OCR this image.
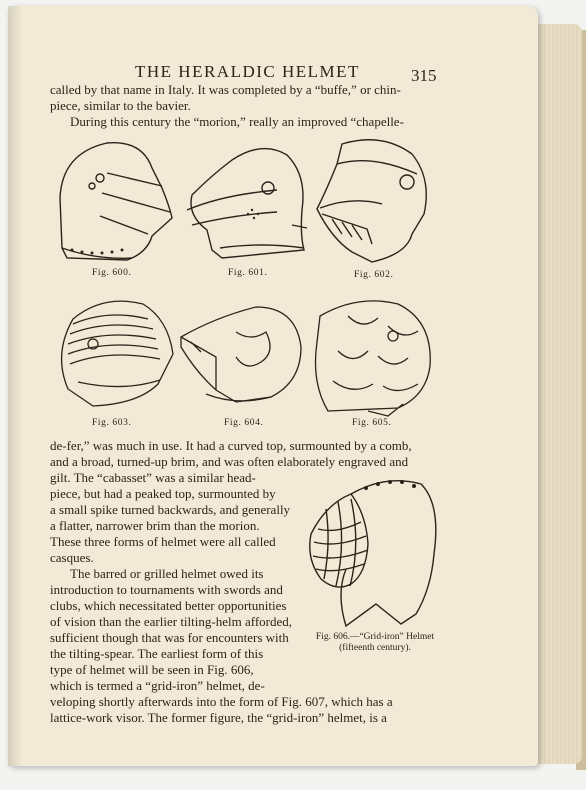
THE HERALDIC HELMET	315
called by that name in Italy. It was completed by a “buffe,” or chin-
piece, similar to the bavier.
During this century the “morion,” really an improved “chapelle-
Fig. 600.	Fig. 601.	Fig. 602.
Fig. 603.	Fig. 604.	Fig. 605.
de-fer,” was much in use. It had a curved top, surmounted by a comb,
and a broad, turned-up brim, and was often elaborately engraved and
gilt. The “cabasset” was a similar head-
piece, but had a peaked top, surmounted by
a small spike turned backwards, and generally
a flatter, narrower brim than the morion.
These three forms of helmet were all called
casques.
The barred or grilled helmet owed its
introduction to tournaments with swords and
clubs, which necessitated better opportunities
of vision than the earlier tilting-helm afforded,
sufficient though that was for encounters with
the tilting-spear. The earliest form of this
type of helmet will be seen in Fig. 606,
which is termed a “grid-iron” helmet, de-
veloping shortly afterwards into the form of Fig. 607, which has a
lattice-work visor. The former figure, the “grid-iron” helmet, is a
Fig. 606.—“Grid-iron” Helmet
(fifteenth century).
